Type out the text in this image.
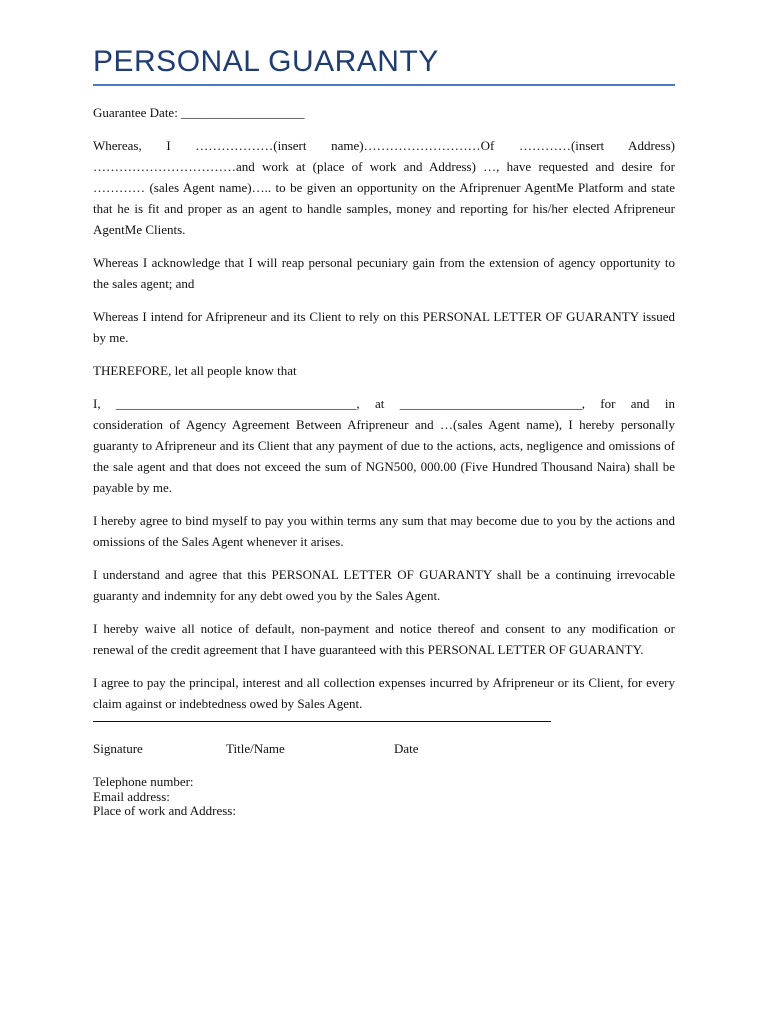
PERSONAL GUARANTY

Guarantee Date: ___________________

Whereas, I ………………(insert name)………………………Of …………(insert Address) ……………………………and work at (place of work and Address) …, have requested and desire for ………… (sales Agent name)….. to be given an opportunity on the Afriprenuer AgentMe Platform and state that he is fit and proper as an agent to handle samples, money and reporting for his/her elected Afripreneur AgentMe Clients.

Whereas I acknowledge that I will reap personal pecuniary gain from the extension of agency opportunity to the sales agent; and

Whereas I intend for Afripreneur and its Client to rely on this PERSONAL LETTER OF GUARANTY issued by me.

THEREFORE, let all people know that

I, _____________________________________, at ____________________________, for and in consideration of Agency Agreement Between Afripreneur and …(sales Agent name), I hereby personally guaranty to Afripreneur and its Client that any payment of due to the actions, acts, negligence and omissions of the sale agent and that does not exceed the sum of NGN500, 000.00 (Five Hundred Thousand Naira) shall be payable by me.

I hereby agree to bind myself to pay you within terms any sum that may become due to you by the actions and omissions of the Sales Agent whenever it arises.

I understand and agree that this PERSONAL LETTER OF GUARANTY shall be a continuing irrevocable guaranty and indemnity for any debt owed you by the Sales Agent.

I hereby waive all notice of default, non-payment and notice thereof and consent to any modification or renewal of the credit agreement that I have guaranteed with this PERSONAL LETTER OF GUARANTY.

I agree to pay the principal, interest and all collection expenses incurred by Afripreneur or its Client, for every claim against or indebtedness owed by Sales Agent.

Signature	Title/Name	Date
Telephone number:
Email address:
Place of work and Address:
